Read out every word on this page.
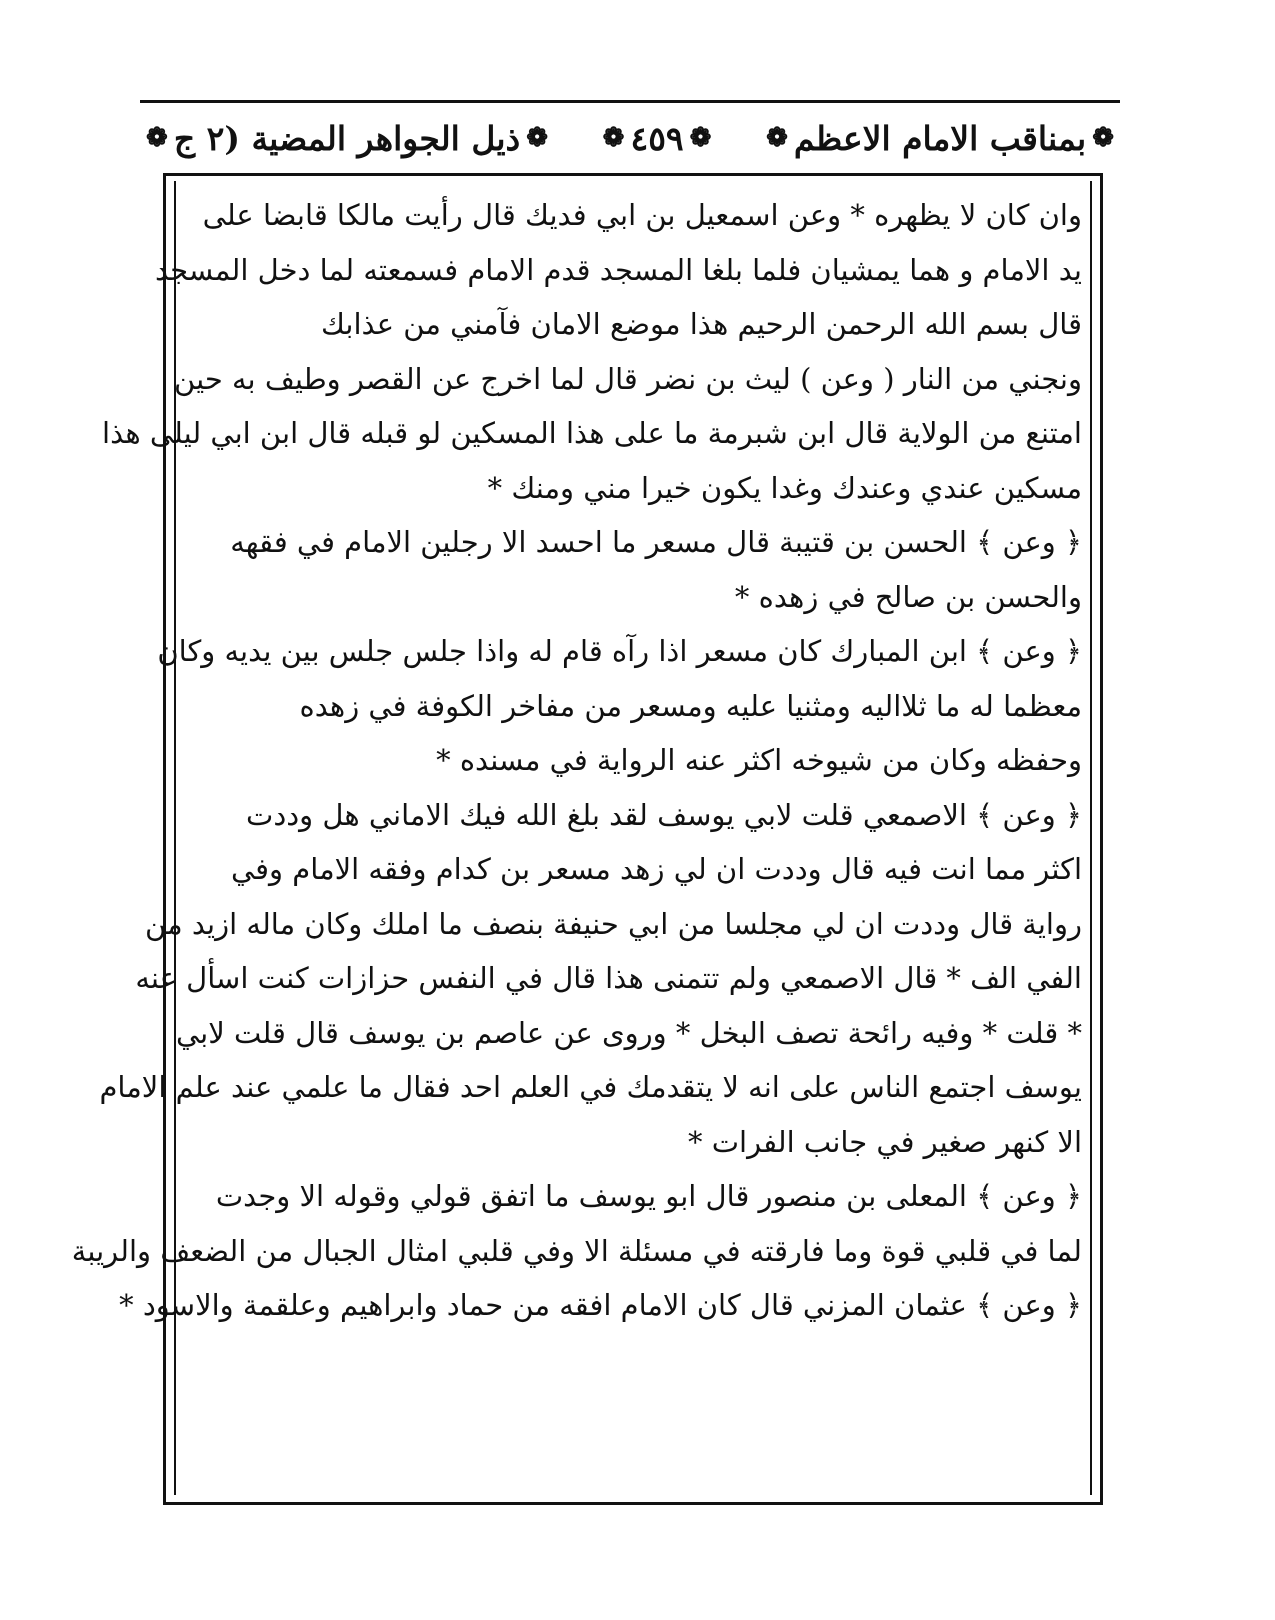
❁
بمناقب الامام الاعظم
❁
❁
٤٥٩
❁
❁
ذيل الجواهر المضية (٢ ج
❁
وان كان لا يظهره * وعن اسمعيل بن ابي فديك قال رأيت مالكا قابضا على
يد الامام و هما يمشيان فلما بلغا المسجد قدم الامام فسمعته لما دخل المسجد
قال بسم الله الرحمن الرحيم هذا موضع الامان فآمني من عذابك
ونجني من النار ( وعن ) ليث بن نضر قال لما اخرج عن القصر وطيف به حين
امتنع من الولاية قال ابن شبرمة ما على هذا المسكين لو قبله قال ابن ابي ليلى هذا
مسكين عندي وعندك وغدا يكون خيرا مني ومنك *
﴿ وعن ﴾ الحسن بن قتيبة قال مسعر ما احسد الا رجلين الامام في فقهه
والحسن بن صالح في زهده *
﴿ وعن ﴾ ابن المبارك كان مسعر اذا رآه قام له واذا جلس جلس بين يديه وكان
معظما له ما ثلااليه ومثنيا عليه ومسعر من مفاخر الكوفة في زهده
وحفظه وكان من شيوخه اكثر عنه الرواية في مسنده *
﴿ وعن ﴾ الاصمعي قلت لابي يوسف لقد بلغ الله فيك الاماني هل وددت
اكثر مما انت فيه قال وددت ان لي زهد مسعر بن كدام وفقه الامام وفي
رواية قال وددت ان لي مجلسا من ابي حنيفة بنصف ما املك وكان ماله ازيد من
الفي الف * قال الاصمعي ولم تتمنى هذا قال في النفس حزازات كنت اسأل عنه
* قلت * وفيه رائحة تصف البخل * وروى عن عاصم بن يوسف قال قلت لابي
يوسف اجتمع الناس على انه لا يتقدمك في العلم احد فقال ما علمي عند علم الامام
الا كنهر صغير في جانب الفرات *
﴿ وعن ﴾ المعلى بن منصور قال ابو يوسف ما اتفق قولي وقوله الا وجدت
لما في قلبي قوة وما فارقته في مسئلة الا وفي قلبي امثال الجبال من الضعف والريبة
﴿ وعن ﴾ عثمان المزني قال كان الامام افقه من حماد وابراهيم وعلقمة والاسود *
